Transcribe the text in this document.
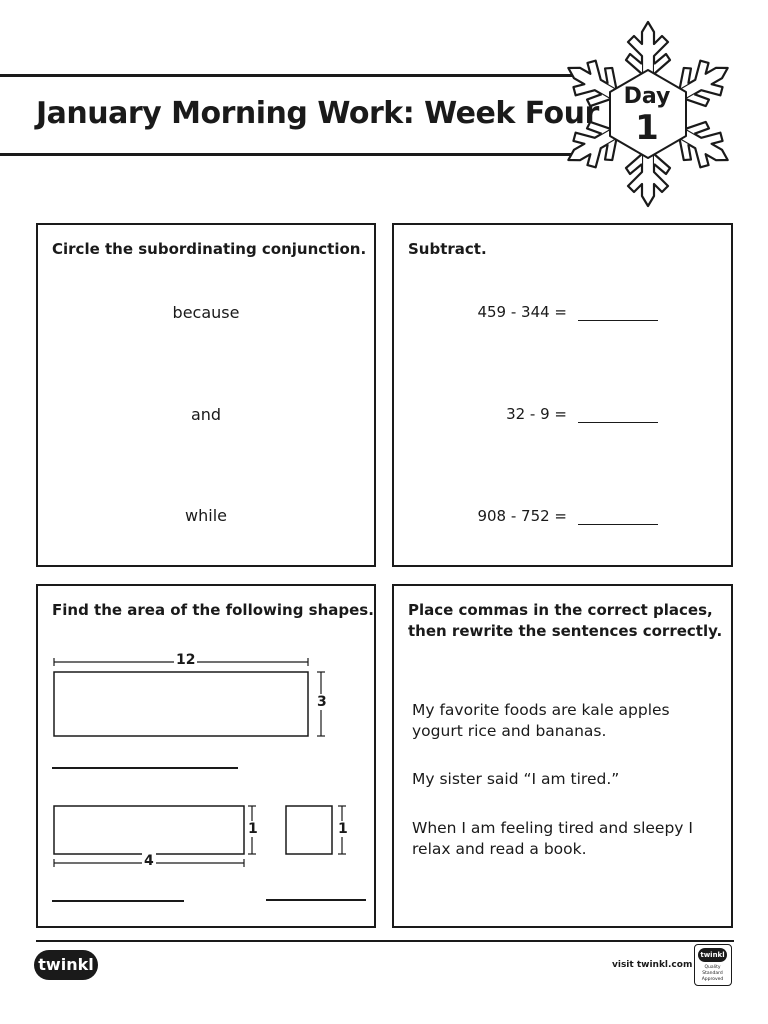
January Morning Work: Week Four	Day
1
Circle the subordinating conjunction.
because
and
while
Subtract.
459 - 344 =
32 - 9 =
908 - 752 =
Find the area of the following shapes.
12
3
4
1	1
Place commas in the correct places,
then rewrite the sentences correctly.
My favorite foods are kale apples yogurt rice and bananas.
My sister said “I am tired.”
When I am feeling tired and sleepy I relax and read a book.
twinkl	visit twinkl.com
twinkl
Quality Standard Approved
